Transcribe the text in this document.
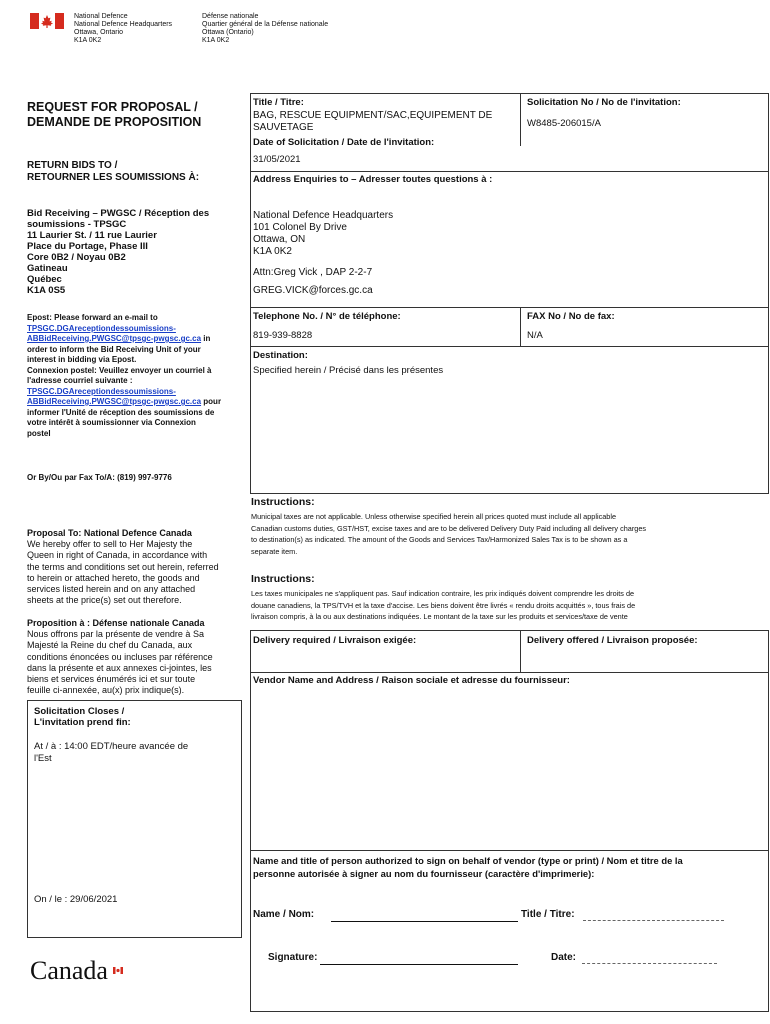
National Defence
National Defence Headquarters
Ottawa, Ontario
K1A 0K2
Défense nationale
Quartier général de la Défense nationale
Ottawa (Ontario)
K1A 0K2
REQUEST FOR PROPOSAL /
DEMANDE DE PROPOSITION
RETURN BIDS TO /
RETOURNER LES SOUMISSIONS À:
Bid Receiving – PWGSC / Réception des
soumissions - TPSGC
11 Laurier St. / 11 rue Laurier
Place du Portage, Phase III
Core 0B2 / Noyau 0B2
Gatineau
Québec
K1A 0S5
Epost: Please forward an e-mail to
TPSGC.DGAreceptiondessoumissions-
ABBidReceiving.PWGSC@tpsgc-pwgsc.gc.ca in
order to inform the Bid Receiving Unit of your
interest in bidding via Epost.
Connexion postel: Veuillez envoyer un courriel à
l'adresse courriel suivante :
TPSGC.DGAreceptiondessoumissions-
ABBidReceiving.PWGSC@tpsgc-pwgsc.gc.ca pour
informer l'Unité de réception des soumissions de
votre intérêt à soumissionner via Connexion
postel
Or By/Ou par Fax To/A: (819) 997-9776
Proposal To: National Defence Canada
We hereby offer to sell to Her Majesty the
Queen in right of Canada, in accordance with
the terms and conditions set out herein, referred
to herein or attached hereto, the goods and
services listed herein and on any attached
sheets at the price(s) set out therefore.
Proposition à : Défense nationale Canada
Nous offrons par la présente de vendre à Sa
Majesté la Reine du chef du Canada, aux
conditions énoncées ou incluses par référence
dans la présente et aux annexes ci-jointes, les
biens et services énumérés ici et sur toute
feuille ci-annexée, au(x) prix indique(s).
Solicitation Closes /
L'invitation prend fin:
At / à : 14:00 EDT/heure avancée de
l'Est
On / le : 29/06/2021
Canada
Title / Titre:
BAG, RESCUE EQUIPMENT/SAC,EQUIPEMENT DE SAUVETAGE
Solicitation No / No de l'invitation:
W8485-206015/A
Date of Solicitation / Date de l'invitation:
31/05/2021
Address Enquiries to – Adresser toutes questions à :
National Defence Headquarters
101 Colonel By Drive
Ottawa, ON
K1A 0K2
Attn:Greg Vick , DAP 2-2-7
GREG.VICK@forces.gc.ca
Telephone No. / N° de téléphone:
819-939-8828
FAX No / No de fax:
N/A
Destination:
Specified herein / Précisé dans les présentes
Instructions:
Municipal taxes are not applicable. Unless otherwise specified herein all prices quoted must include all applicable
Canadian customs duties, GST/HST, excise taxes and are to be delivered Delivery Duty Paid including all delivery charges
to destination(s) as indicated. The amount of the Goods and Services Tax/Harmonized Sales Tax is to be shown as a
separate item.
Instructions:
Les taxes municipales ne s'appliquent pas. Sauf indication contraire, les prix indiqués doivent comprendre les droits de
douane canadiens, la TPS/TVH et la taxe d'accise. Les biens doivent être livrés « rendu droits acquittés », tous frais de
livraison compris, à la ou aux destinations indiquées. Le montant de la taxe sur les produits et services/taxe de vente
Delivery required / Livraison exigée:	Delivery offered / Livraison proposée:
Vendor Name and Address / Raison sociale et adresse du fournisseur:
Name and title of person authorized to sign on behalf of vendor (type or print) / Nom et titre de la
personne autorisée à signer au nom du fournisseur (caractère d'imprimerie):
Name / Nom:	Title / Titre:
Signature:	Date:
